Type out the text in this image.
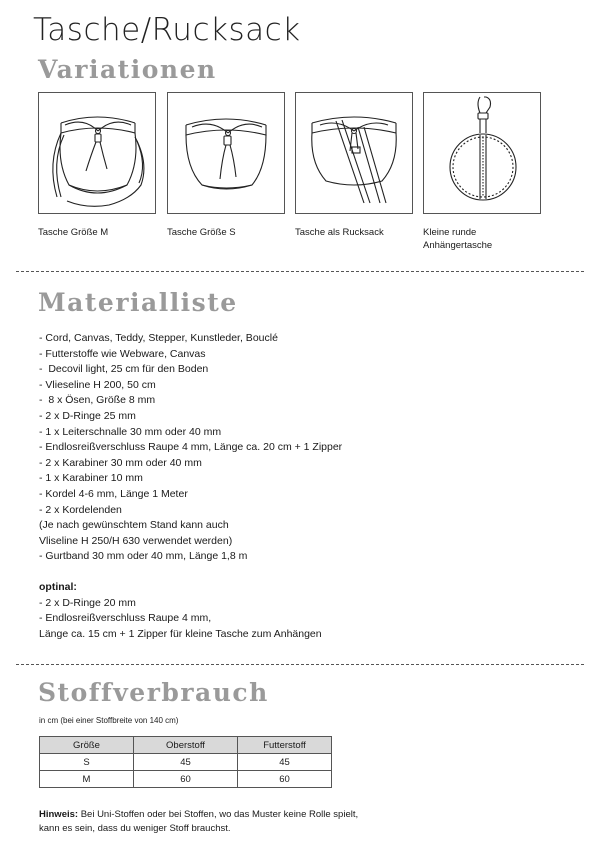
Tasche/Rucksack
Variationen
Tasche Größe M	Tasche Größe S	Tasche als Rucksack	Kleine runde
Anhängertasche
Materialliste
- Cord, Canvas, Teddy, Stepper, Kunstleder, Bouclé
- Futterstoffe wie Webware, Canvas
-  Decovil light, 25 cm für den Boden
- Vlieseline H 200, 50 cm
-  8 x Ösen, Größe 8 mm
- 2 x D-Ringe 25 mm
- 1 x Leiterschnalle 30 mm oder 40 mm
- Endlosreißverschluss Raupe 4 mm, Länge ca. 20 cm + 1 Zipper
- 2 x Karabiner 30 mm oder 40 mm
- 1 x Karabiner 10 mm
- Kordel 4-6 mm, Länge 1 Meter
- 2 x Kordelenden
(Je nach gewünschtem Stand kann auch
Vliseline H 250/H 630 verwendet werden)
- Gurtband 30 mm oder 40 mm, Länge 1,8 m
optinal:
- 2 x D-Ringe 20 mm
- Endlosreißverschluss Raupe 4 mm,
Länge ca. 15 cm + 1 Zipper für kleine Tasche zum Anhängen
Stoffverbrauch
in cm (bei einer Stoffbreite von 140 cm)
Größe	Oberstoff	Futterstoff
S	45	45
M	60	60
Hinweis: Bei Uni-Stoffen oder bei Stoffen, wo das Muster keine Rolle spielt, kann es sein, dass du weniger Stoff brauchst.
